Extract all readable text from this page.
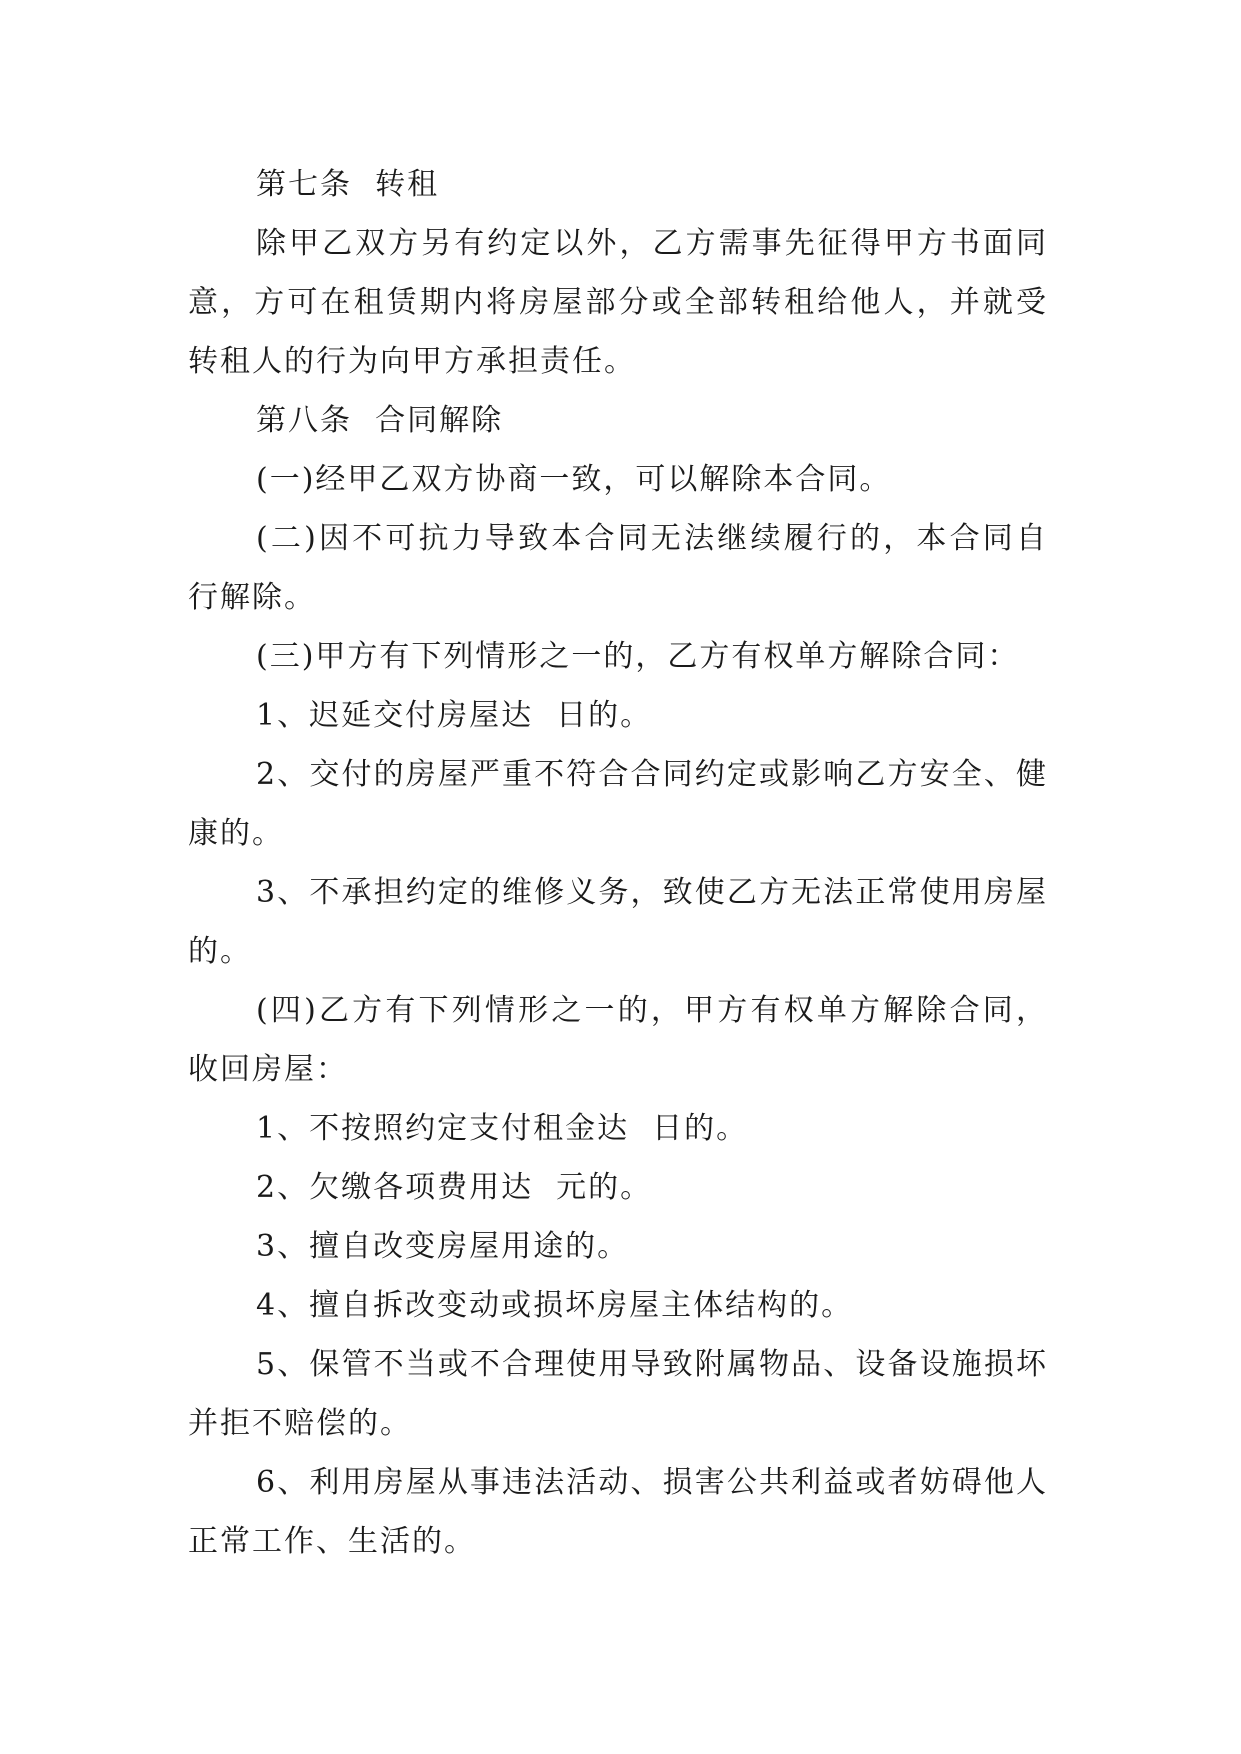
第七条  转租

除甲乙双方另有约定以外，乙方需事先征得甲方书面同意，方可在租赁期内将房屋部分或全部转租给他人，并就受转租人的行为向甲方承担责任。

第八条  合同解除

(一)经甲乙双方协商一致，可以解除本合同。

(二)因不可抗力导致本合同无法继续履行的，本合同自行解除。

(三)甲方有下列情形之一的，乙方有权单方解除合同：

1、迟延交付房屋达  日的。

2、交付的房屋严重不符合合同约定或影响乙方安全、健康的。

3、不承担约定的维修义务，致使乙方无法正常使用房屋的。

(四)乙方有下列情形之一的，甲方有权单方解除合同，收回房屋：

1、不按照约定支付租金达  日的。

2、欠缴各项费用达  元的。

3、擅自改变房屋用途的。

4、擅自拆改变动或损坏房屋主体结构的。

5、保管不当或不合理使用导致附属物品、设备设施损坏并拒不赔偿的。

6、利用房屋从事违法活动、损害公共利益或者妨碍他人正常工作、生活的。
